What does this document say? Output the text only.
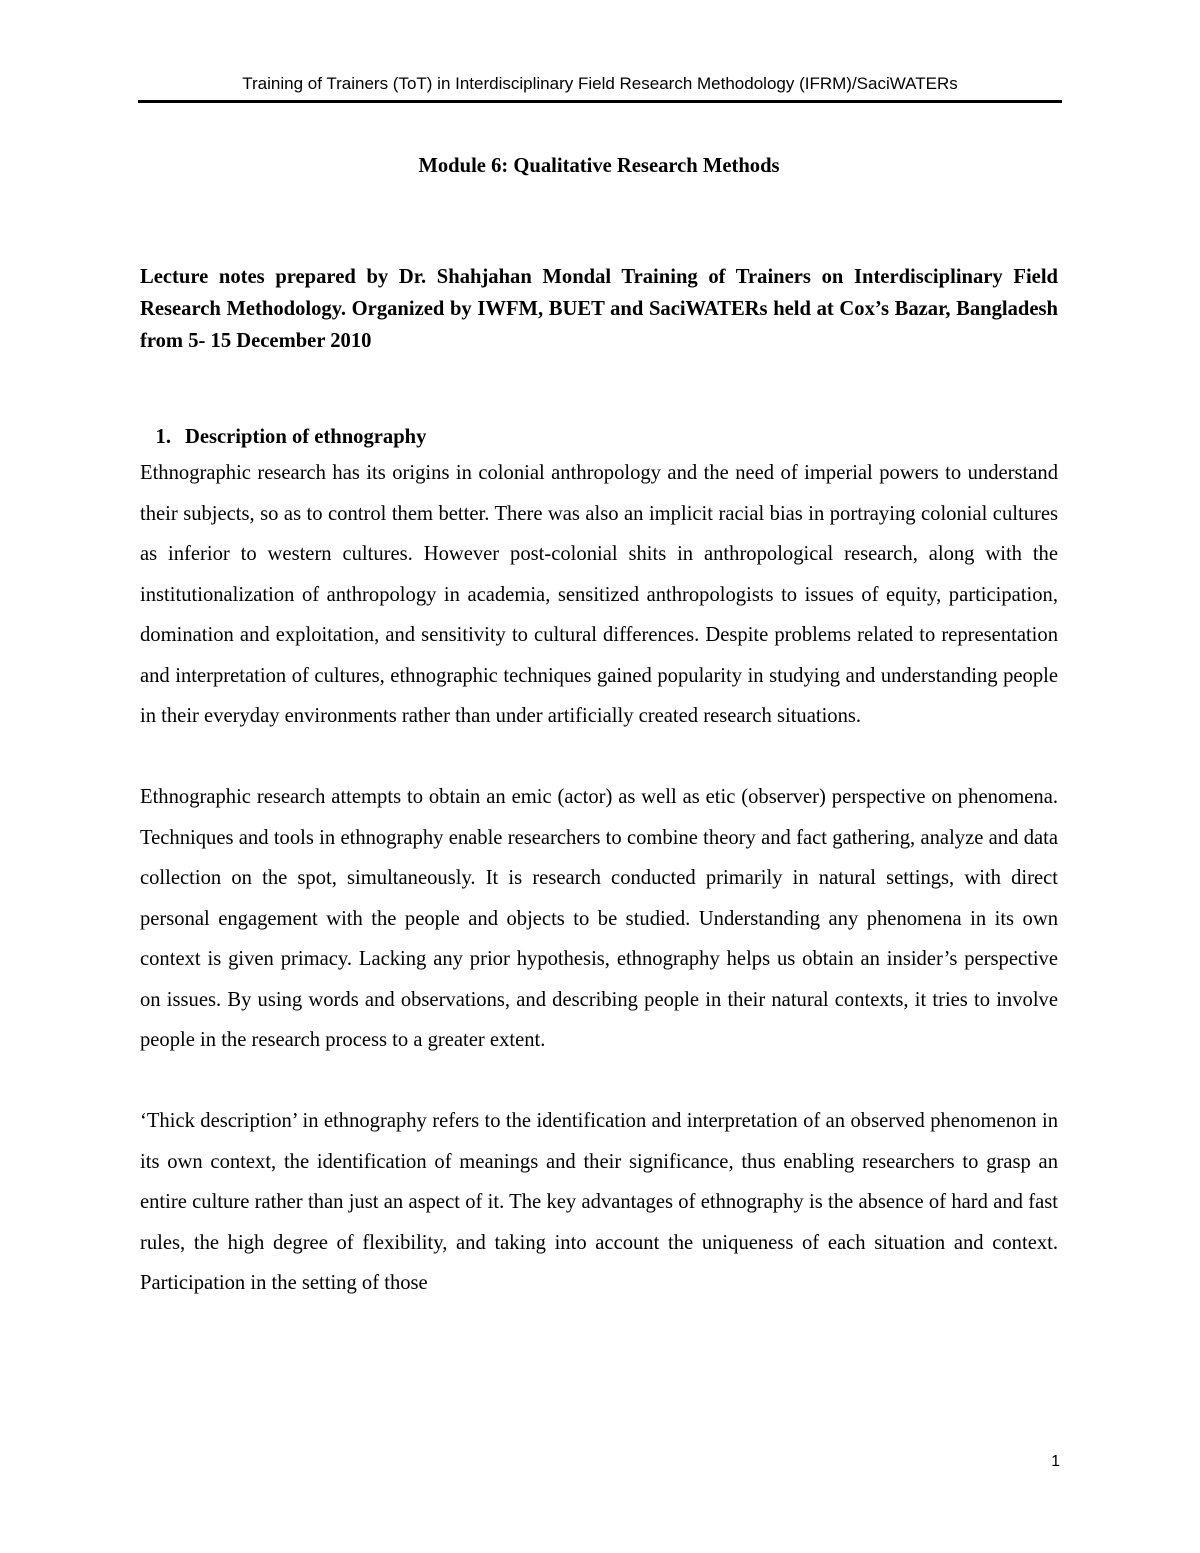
Training of Trainers (ToT) in Interdisciplinary Field Research Methodology (IFRM)/SaciWATERs
Module 6: Qualitative Research Methods

Lecture notes prepared by Dr. Shahjahan Mondal Training of Trainers on Interdisciplinary Field Research Methodology. Organized by IWFM, BUET and SaciWATERs held at Cox’s Bazar, Bangladesh from 5- 15 December 2010

1. Description of ethnography

Ethnographic research has its origins in colonial anthropology and the need of imperial powers to understand their subjects, so as to control them better. There was also an implicit racial bias in portraying colonial cultures as inferior to western cultures. However post-colonial shits in anthropological research, along with the institutionalization of anthropology in academia, sensitized anthropologists to issues of equity, participation, domination and exploitation, and sensitivity to cultural differences. Despite problems related to representation and interpretation of cultures, ethnographic techniques gained popularity in studying and understanding people in their everyday environments rather than under artificially created research situations.

Ethnographic research attempts to obtain an emic (actor) as well as etic (observer) perspective on phenomena. Techniques and tools in ethnography enable researchers to combine theory and fact gathering, analyze and data collection on the spot, simultaneously. It is research conducted primarily in natural settings, with direct personal engagement with the people and objects to be studied. Understanding any phenomena in its own context is given primacy. Lacking any prior hypothesis, ethnography helps us obtain an insider’s perspective on issues. By using words and observations, and describing people in their natural contexts, it tries to involve people in the research process to a greater extent.

‘Thick description’ in ethnography refers to the identification and interpretation of an observed phenomenon in its own context, the identification of meanings and their significance, thus enabling researchers to grasp an entire culture rather than just an aspect of it. The key advantages of ethnography is the absence of hard and fast rules, the high degree of flexibility, and taking into account the uniqueness of each situation and context. Participation in the setting of those

1
